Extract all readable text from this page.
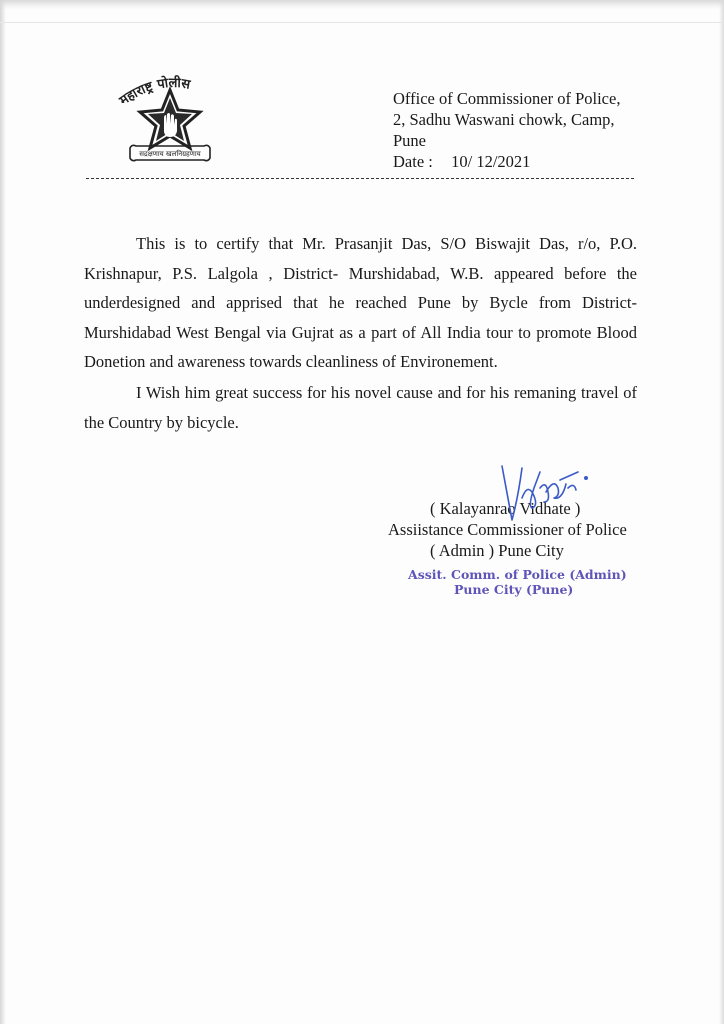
महाराष्ट्र पोलीस
सद्रक्षणाय खलनिग्रहणाय
Office of Commissioner of Police,
2, Sadhu Waswani chowk, Camp,
Pune
Date : 10/ 12/2021
This is to certify that Mr. Prasanjit Das, S/O Biswajit Das, r/o, P.O. Krishnapur, P.S. Lalgola , District- Murshidabad, W.B. appeared before the underdesigned and apprised that he reached Pune by Bycle from District-Murshidabad West Bengal via Gujrat as a part of All India tour to promote Blood Donetion and awareness towards cleanliness of Environement.
I Wish him great success for his novel cause and for his remaning travel of the Country by bicycle.
( Kalayanrao Vidhate )
Assiistance Commissioner of Police
( Admin ) Pune City
Assit. Comm. of Police (Admin)
Pune City (Pune)
